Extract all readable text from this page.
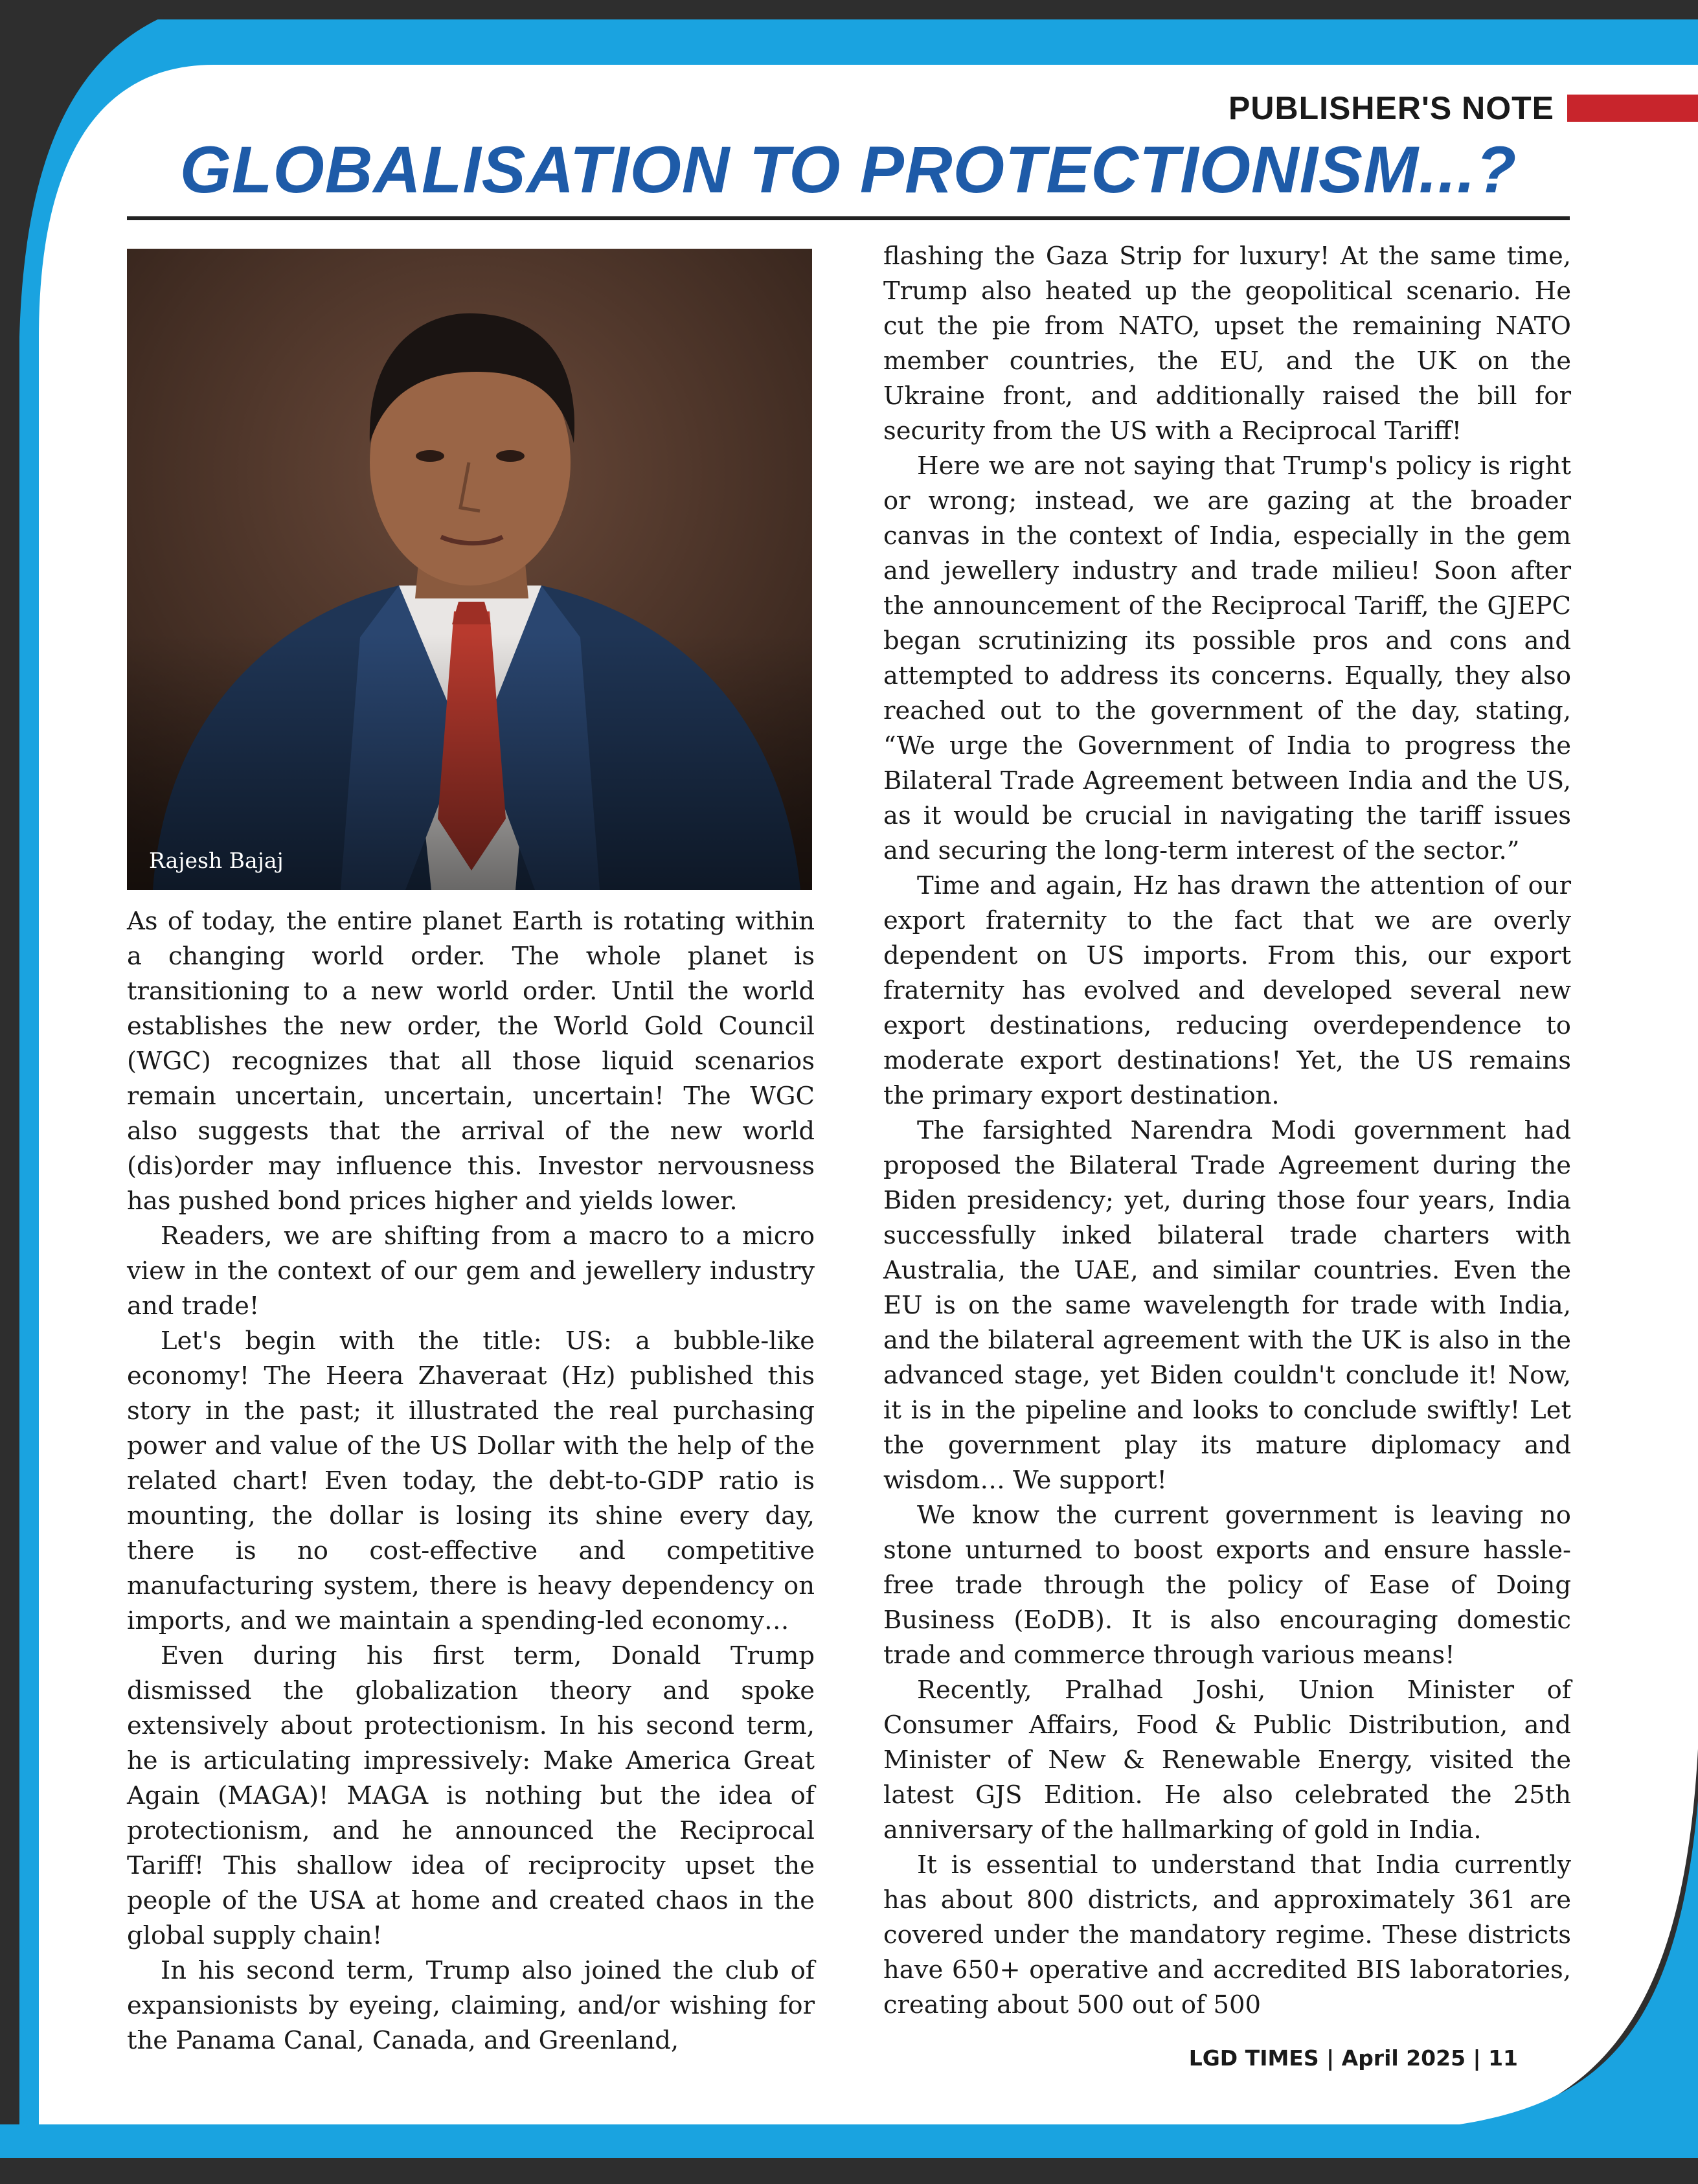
PUBLISHER'S NOTE
GLOBALISATION TO PROTECTIONISM...?
Rajesh Bajaj

As of today, the entire planet Earth is rotating within a changing world order. The whole planet is transitioning to a new world order. Until the world establishes the new order, the World Gold Council (WGC) recognizes that all those liquid scenarios remain uncertain, uncertain, uncertain! The WGC also suggests that the arrival of the new world (dis)order may influence this. Investor nervousness has pushed bond prices higher and yields lower.

Readers, we are shifting from a macro to a micro view in the context of our gem and jewellery industry and trade!

Let's begin with the title: US: a bubble-like economy! The Heera Zhaveraat (Hz) published this story in the past; it illustrated the real purchasing power and value of the US Dollar with the help of the related chart! Even today, the debt-to-GDP ratio is mounting, the dollar is losing its shine every day, there is no cost-effective and competitive manufacturing system, there is heavy dependency on imports, and we maintain a spending-led economy…

Even during his first term, Donald Trump dismissed the globalization theory and spoke extensively about protectionism. In his second term, he is articulating impressively: Make America Great Again (MAGA)! MAGA is nothing but the idea of protectionism, and he announced the Reciprocal Tariff! This shallow idea of reciprocity upset the people of the USA at home and created chaos in the global supply chain!

In his second term, Trump also joined the club of expansionists by eyeing, claiming, and/or wishing for the Panama Canal, Canada, and Greenland,

flashing the Gaza Strip for luxury! At the same time, Trump also heated up the geopolitical scenario. He cut the pie from NATO, upset the remaining NATO member countries, the EU, and the UK on the Ukraine front, and additionally raised the bill for security from the US with a Reciprocal Tariff!

Here we are not saying that Trump's policy is right or wrong; instead, we are gazing at the broader canvas in the context of India, especially in the gem and jewellery industry and trade milieu! Soon after the announcement of the Reciprocal Tariff, the GJEPC began scrutinizing its possible pros and cons and attempted to address its concerns. Equally, they also reached out to the government of the day, stating, “We urge the Government of India to progress the Bilateral Trade Agreement between India and the US, as it would be crucial in navigating the tariff issues and securing the long-term interest of the sector.”

Time and again, Hz has drawn the attention of our export fraternity to the fact that we are overly dependent on US imports. From this, our export fraternity has evolved and developed several new export destinations, reducing overdependence to moderate export destinations! Yet, the US remains the primary export destination.

The farsighted Narendra Modi government had proposed the Bilateral Trade Agreement during the Biden presidency; yet, during those four years, India successfully inked bilateral trade charters with Australia, the UAE, and similar countries. Even the EU is on the same wavelength for trade with India, and the bilateral agreement with the UK is also in the advanced stage, yet Biden couldn't conclude it! Now, it is in the pipeline and looks to conclude swiftly! Let the government play its mature diplomacy and wisdom… We support!

We know the current government is leaving no stone unturned to boost exports and ensure hassle-free trade through the policy of Ease of Doing Business (EoDB). It is also encouraging domestic trade and commerce through various means!

Recently, Pralhad Joshi, Union Minister of Consumer Affairs, Food & Public Distribution, and Minister of New & Renewable Energy, visited the latest GJS Edition. He also celebrated the 25th anniversary of the hallmarking of gold in India.

It is essential to understand that India currently has about 800 districts, and approximately 361 are covered under the mandatory regime. These districts have 650+ operative and accredited BIS laboratories, creating about 500 out of 500

LGD TIMES | April 2025 | 11
